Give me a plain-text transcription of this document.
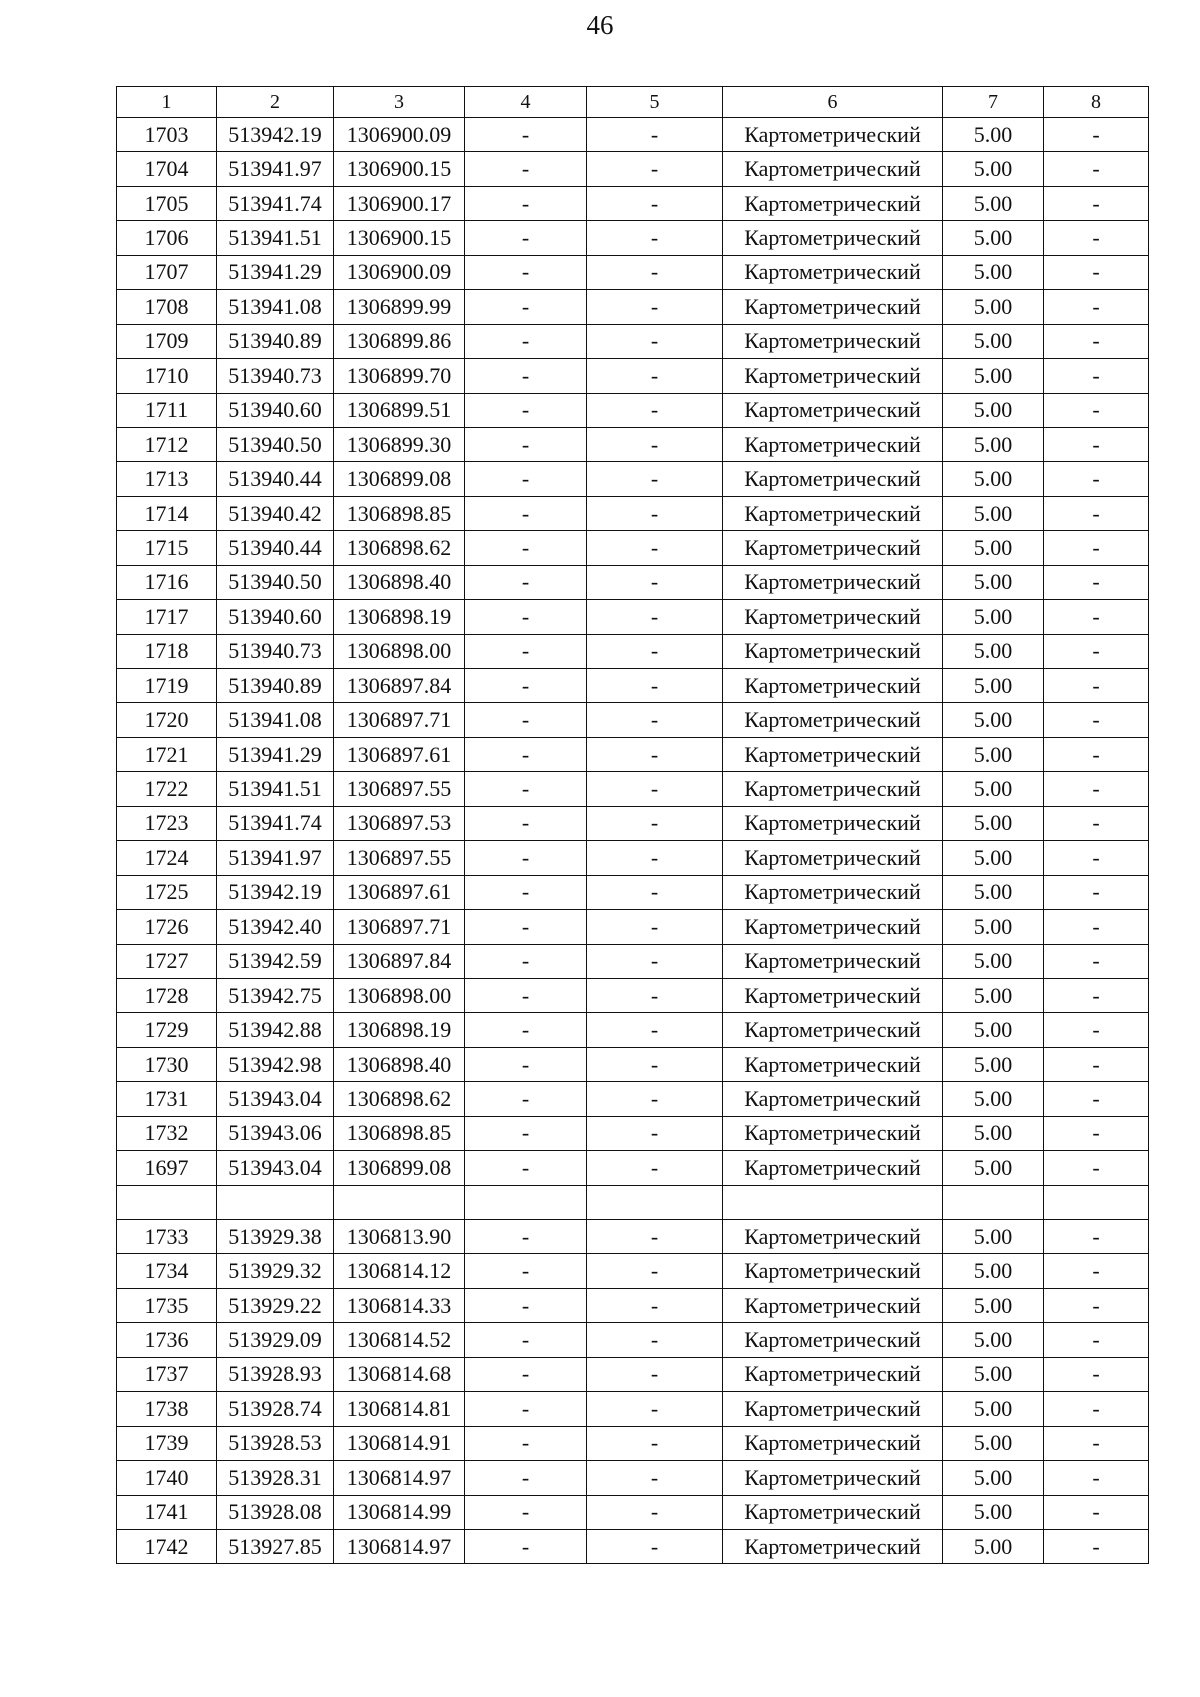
46
1	2	3	4	5	6	7	8
1703	513942.19	1306900.09	-	-	Картометрический	5.00	-
1704	513941.97	1306900.15	-	-	Картометрический	5.00	-
1705	513941.74	1306900.17	-	-	Картометрический	5.00	-
1706	513941.51	1306900.15	-	-	Картометрический	5.00	-
1707	513941.29	1306900.09	-	-	Картометрический	5.00	-
1708	513941.08	1306899.99	-	-	Картометрический	5.00	-
1709	513940.89	1306899.86	-	-	Картометрический	5.00	-
1710	513940.73	1306899.70	-	-	Картометрический	5.00	-
1711	513940.60	1306899.51	-	-	Картометрический	5.00	-
1712	513940.50	1306899.30	-	-	Картометрический	5.00	-
1713	513940.44	1306899.08	-	-	Картометрический	5.00	-
1714	513940.42	1306898.85	-	-	Картометрический	5.00	-
1715	513940.44	1306898.62	-	-	Картометрический	5.00	-
1716	513940.50	1306898.40	-	-	Картометрический	5.00	-
1717	513940.60	1306898.19	-	-	Картометрический	5.00	-
1718	513940.73	1306898.00	-	-	Картометрический	5.00	-
1719	513940.89	1306897.84	-	-	Картометрический	5.00	-
1720	513941.08	1306897.71	-	-	Картометрический	5.00	-
1721	513941.29	1306897.61	-	-	Картометрический	5.00	-
1722	513941.51	1306897.55	-	-	Картометрический	5.00	-
1723	513941.74	1306897.53	-	-	Картометрический	5.00	-
1724	513941.97	1306897.55	-	-	Картометрический	5.00	-
1725	513942.19	1306897.61	-	-	Картометрический	5.00	-
1726	513942.40	1306897.71	-	-	Картометрический	5.00	-
1727	513942.59	1306897.84	-	-	Картометрический	5.00	-
1728	513942.75	1306898.00	-	-	Картометрический	5.00	-
1729	513942.88	1306898.19	-	-	Картометрический	5.00	-
1730	513942.98	1306898.40	-	-	Картометрический	5.00	-
1731	513943.04	1306898.62	-	-	Картометрический	5.00	-
1732	513943.06	1306898.85	-	-	Картометрический	5.00	-
1697	513943.04	1306899.08	-	-	Картометрический	5.00	-

1733	513929.38	1306813.90	-	-	Картометрический	5.00	-
1734	513929.32	1306814.12	-	-	Картометрический	5.00	-
1735	513929.22	1306814.33	-	-	Картометрический	5.00	-
1736	513929.09	1306814.52	-	-	Картометрический	5.00	-
1737	513928.93	1306814.68	-	-	Картометрический	5.00	-
1738	513928.74	1306814.81	-	-	Картометрический	5.00	-
1739	513928.53	1306814.91	-	-	Картометрический	5.00	-
1740	513928.31	1306814.97	-	-	Картометрический	5.00	-
1741	513928.08	1306814.99	-	-	Картометрический	5.00	-
1742	513927.85	1306814.97	-	-	Картометрический	5.00	-
